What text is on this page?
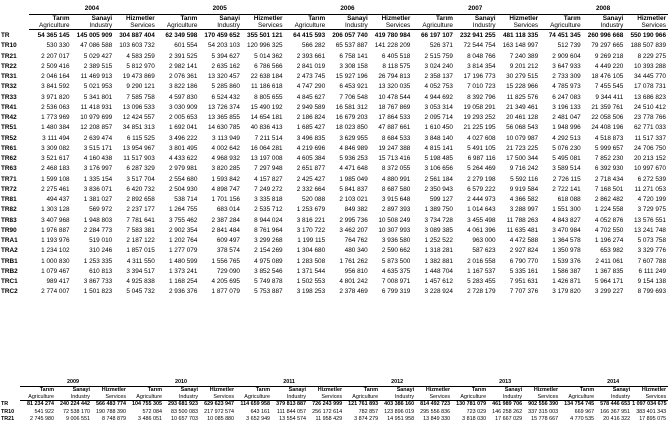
	2004			2005			2006			2007			2008		
	Tarım	Sanayi	Hizmetler	Tarım	Sanayi	Hizmetler	Tarım	Sanayi	Hizmetler	Tarım	Sanayi	Hizmetler	Tarım	Sanayi	Hizmetler
	Agriculture	Industry	Services	Agriculture	Industry	Services	Agriculture	Industry	Services	Agriculture	Industry	Services	Agriculture	Industry	Services
TR	54 365 145	145 005 909	304 887 404	62 349 598	170 459 652	355 501 121	64 415 593	206 057 740	419 780 984	66 197 107	232 941 255	481 118 335	74 451 345	260 996 668	550 190 966
TR10	530 330	47 086 588	103 603 732	601 554	54 203 103	120 996 325	566 282	65 537 887	141 228 209	526 371	72 544 754	163 148 997	512 739	79 297 665	188 507 839
TR21	2 207 017	5 029 427	4 583 259	2 391 525	5 394 627	5 014 362	2 393 661	6 758 141	6 405 518	2 515 759	8 048 766	7 240 389	2 909 604	9 269 218	8 229 275
TR22	2 509 416	2 389 515	5 812 970	2 982 141	2 635 162	6 786 566	2 841 019	3 308 158	8 118 575	3 024 240	3 814 354	9 201 212	3 647 933	4 449 220	10 393 288
TR31	2 046 164	11 469 913	19 473 869	2 076 361	13 320 457	22 638 184	2 473 745	15 927 196	26 794 813	2 358 137	17 196 773	30 279 515	2 733 309	18 476 105	34 445 770
TR32	3 841 592	5 021 953	9 290 121	3 822 186	5 285 860	11 186 618	4 747 290	6 453 921	13 320 035	4 052 753	7 010 723	15 228 966	4 785 973	7 455 545	17 078 731
TR33	3 971 820	5 341 801	7 585 758	4 597 830	6 524 432	8 805 655	4 845 627	7 706 548	10 478 544	4 944 692	8 392 796	11 825 576	6 247 083	9 344 411	13 686 823
TR41	2 536 063	11 418 931	13 096 533	3 030 909	13 726 374	15 490 192	2 949 589	16 581 312	18 767 869	3 053 314	19 058 291	21 349 461	3 196 133	21 359 761	24 510 412
TR42	1 773 969	10 979 699	12 424 557	2 005 653	13 365 855	14 654 181	2 186 824	16 679 203	17 864 533	2 095 714	19 293 252	20 461 128	2 481 047	22 058 506	23 778 766
TR51	1 480 384	12 208 857	34 851 313	1 692 041	14 630 785	40 836 413	1 685 427	18 023 850	47 887 661	1 610 450	21 225 195	56 068 543	1 948 996	24 408 196	62 771 033
TR52	3 111 494	2 639 474	6 115 525	3 496 222	3 113 949	7 211 514	3 496 835	3 629 955	8 684 533	3 848 140	4 027 608	10 079 987	4 292 513	4 518 873	11 517 337
TR61	3 309 082	3 515 171	13 954 967	3 801 495	4 002 642	16 064 281	4 219 696	4 846 989	19 247 388	4 815 141	5 491 105	21 723 225	5 076 230	5 999 657	24 706 750
TR62	3 521 617	4 160 438	11 517 903	4 433 622	4 968 932	13 197 008	4 605 384	5 936 253	15 713 416	5 198 485	6 987 116	17 500 344	5 495 081	7 852 230	20 213 152
TR63	2 468 183	3 176 997	6 287 329	2 979 981	3 820 285	7 297 948	2 651 877	4 471 648	8 372 055	3 106 656	5 264 469	9 716 242	3 589 514	6 392 930	10 997 670
TR71	1 599 108	1 335 154	3 517 704	2 554 680	1 593 842	4 157 827	2 425 427	1 985 049	4 880 991	2 561 184	2 279 198	5 592 116	2 726 115	2 718 434	6 272 539
TR72	2 275 461	3 836 071	6 420 732	2 504 930	4 898 747	7 249 272	2 332 664	5 841 837	8 687 580	2 350 943	6 579 222	9 919 584	2 722 141	7 168 501	11 271 053
TR81	494 437	1 381 027	2 892 658	538 714	1 701 156	3 335 818	520 088	2 103 021	3 915 648	599 127	2 444 973	4 366 582	618 088	2 862 482	4 720 199
TR82	1 303 128	569 972	2 237 177	1 264 755	683 014	2 535 712	1 253 679	849 382	2 897 393	1 389 750	1 014 643	3 288 997	1 551 300	1 224 558	3 729 975
TR83	3 407 968	1 948 803	7 781 641	3 755 462	2 387 284	8 944 024	3 816 221	2 995 736	10 508 249	3 734 728	3 455 498	11 788 263	4 843 827	4 052 876	13 576 551
TR90	1 976 887	2 284 773	7 583 381	2 902 354	2 841 484	8 761 964	3 170 722	3 462 207	10 307 993	3 089 385	4 061 396	11 635 481	3 470 984	4 702 550	13 241 748
TRA1	1 193 976	519 010	2 187 122	1 202 764	609 497	3 299 268	1 199 115	764 762	3 936 580	1 252 522	963 000	4 472 588	1 364 578	1 196 274	5 073 758
TRA2	1 234 102	310 246	1 857 015	1 277 079	378 574	2 154 269	1 304 680	480 340	2 590 662	1 318 281	587 623	2 927 824	1 350 978	653 982	3 329 776
TRB1	1 000 830	1 253 335	4 311 550	1 480 599	1 556 765	4 975 089	1 283 508	1 761 262	5 873 500	1 382 881	2 016 558	6 790 770	1 539 376	2 411 061	7 607 788
TRB2	1 079 467	610 813	3 394 517	1 373 241	729 090	3 852 546	1 371 544	956 810	4 635 375	1 448 704	1 167 537	5 335 161	1 586 387	1 367 835	6 111 249
TRC1	989 417	3 867 733	4 925 838	1 168 254	4 205 695	5 749 878	1 502 553	4 801 242	7 008 971	1 457 612	5 283 455	7 951 631	1 426 871	5 964 171	9 154 138
TRC2	2 774 007	1 501 823	5 045 732	2 936 376	1 877 079	5 753 887	3 198 253	2 378 469	6 799 319	3 228 924	2 728 179	7 707 376	3 179 820	3 299 227	8 799 693
	2009			2010			2011			2012			2013			2014		
	Tarım	Sanayi	Hizmetler	Tarım	Sanayi	Hizmetler	Tarım	Sanayi	Hizmetler	Tarım	Sanayi	Hizmetler	Tarım	Sanayi	Hizmetler	Tarım	Sanayi	Hizmetler
	Agriculture	Industry	Services	Agriculture	Industry	Services	Agriculture	Industry	Services	Agriculture	Industry	Services	Agriculture	Industry	Services	Agriculture	Industry	Services
TR	81 234 274	240 224 442	566 483 774	104 755 305	293 681 923	629 623 947	114 659 958	379 813 887	726 243 999	121 761 893	403 386 160	814 492 723	130 781 079	461 989 706	902 556 390	134 754 745	578 446 653	1 097 034 675
TR10	541 922	72 538 170	190 788 390	572 084	83 500 083	217 972 574	643 161	111 844 057	256 172 614	782 857	123 896 019	295 556 836	723 029	146 258 262	337 315 003	669 967	166 367 951	383 401 343
TR21	2 745 980	9 006 551	8 748 879	3 486 051	10 657 703	10 085 880	3 652 949	13 554 574	11 958 429	3 874 279	14 951 958	13 849 330	3 818 030	17 667 029	15 778 667	4 770 535	20 416 322	17 895 075
